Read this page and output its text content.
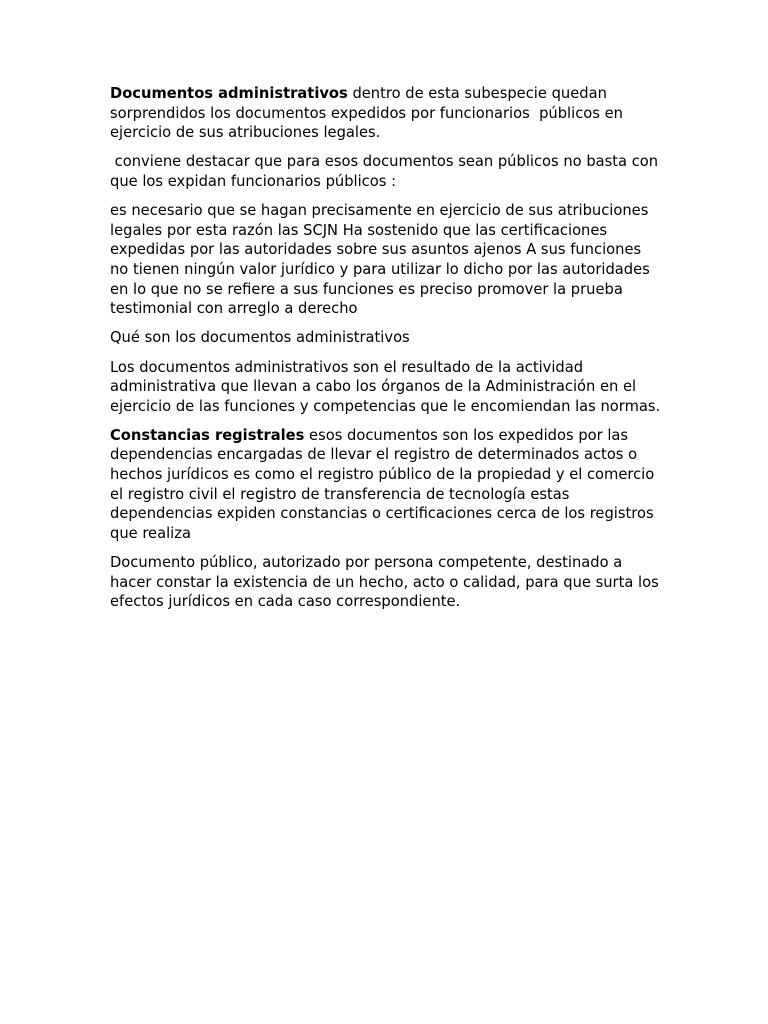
Documentos administrativos dentro de esta subespecie quedan sorprendidos los documentos expedidos por funcionarios  públicos en ejercicio de sus atribuciones legales.

conviene destacar que para esos documentos sean públicos no basta con que los expidan funcionarios públicos :

es necesario que se hagan precisamente en ejercicio de sus atribuciones legales por esta razón las SCJN Ha sostenido que las certificaciones expedidas por las autoridades sobre sus asuntos ajenos A sus funciones no tienen ningún valor jurídico y para utilizar lo dicho por las autoridades en lo que no se refiere a sus funciones es preciso promover la prueba testimonial con arreglo a derecho

Qué son los documentos administrativos

Los documentos administrativos son el resultado de la actividad administrativa que llevan a cabo los órganos de la Administración en el ejercicio de las funciones y competencias que le encomiendan las normas.

Constancias registrales esos documentos son los expedidos por las dependencias encargadas de llevar el registro de determinados actos o hechos jurídicos es como el registro público de la propiedad y el comercio el registro civil el registro de transferencia de tecnología estas dependencias expiden constancias o certificaciones cerca de los registros que realiza

Documento público, autorizado por persona competente, destinado a hacer constar la existencia de un hecho, acto o calidad, para que surta los efectos jurídicos en cada caso correspondiente.
